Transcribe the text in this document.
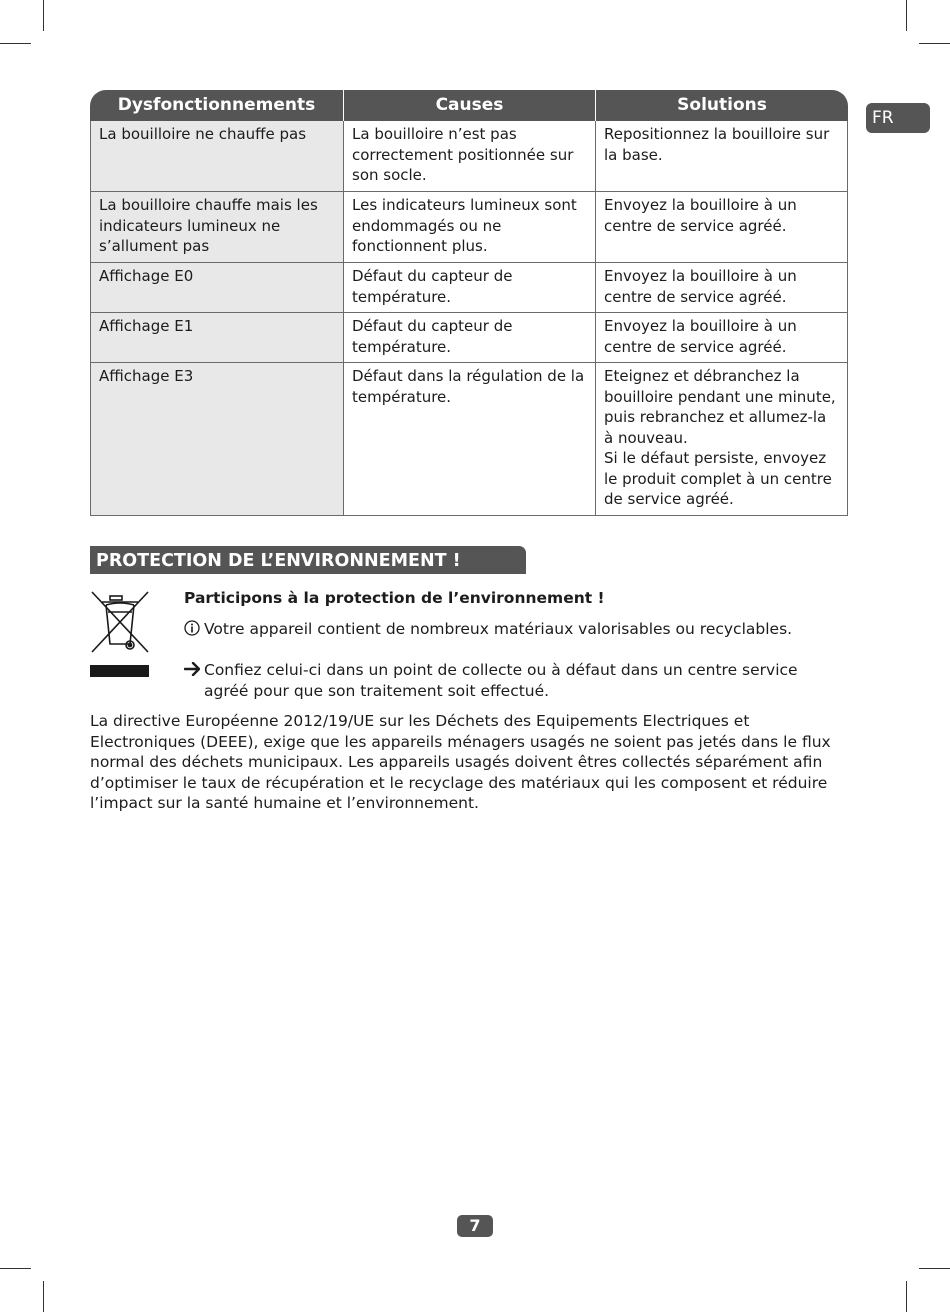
FR
Dysfonctionnements	Causes	Solutions
La bouilloire ne chauffe pas	La bouilloire n’est pas correctement positionnée sur son socle.	Repositionnez la bouilloire sur la base.
La bouilloire chauffe mais les indicateurs lumineux ne s’allument pas	Les indicateurs lumineux sont endommagés ou ne fonctionnent plus.	Envoyez la bouilloire à un centre de service agréé.
Affichage E0	Défaut du capteur de température.	Envoyez la bouilloire à un centre de service agréé.
Affichage E1	Défaut du capteur de température.	Envoyez la bouilloire à un centre de service agréé.
Affichage E3	Défaut dans la régulation de la température.	Eteignez et débranchez la bouilloire pendant une minute, puis rebranchez et allumez-la à nouveau.
Si le défaut persiste, envoyez le produit complet à un centre de service agréé.
PROTECTION DE L’ENVIRONNEMENT !
Participons à la protection de l’environnement !
Votre appareil contient de nombreux matériaux valorisables ou recyclables.
Confiez celui-ci dans un point de collecte ou à défaut dans un centre service agréé pour que son traitement soit effectué.
La directive Européenne 2012/19/UE sur les Déchets des Equipements Electriques et Electroniques (DEEE), exige que les appareils ménagers usagés ne soient pas jetés dans le flux normal des déchets municipaux. Les appareils usagés doivent êtres collectés séparément afin d’optimiser le taux de récupération et le recyclage des matériaux qui les composent et réduire l’impact sur la santé humaine et l’environnement.
7
